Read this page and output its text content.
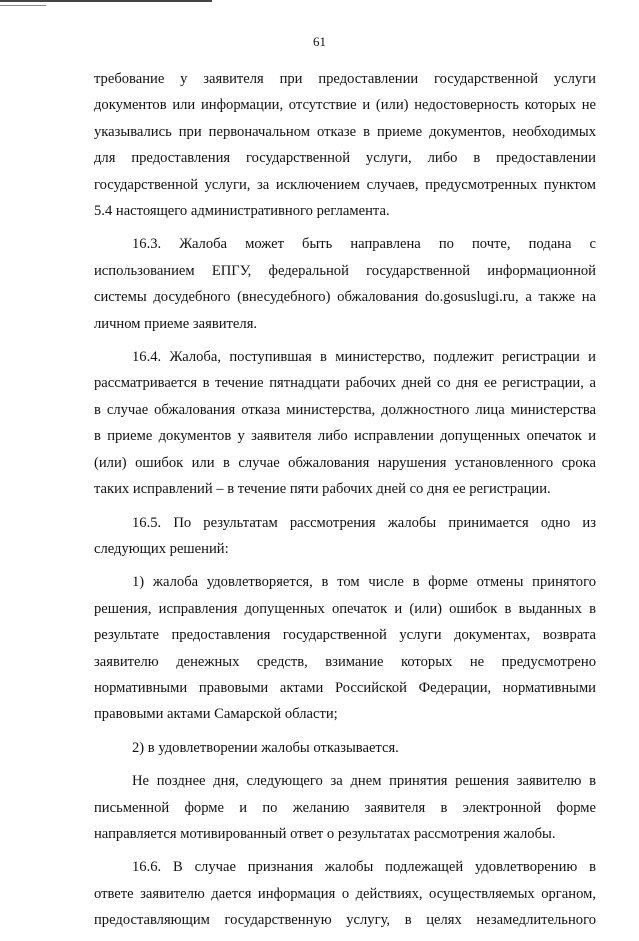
61
требование у заявителя при предоставлении государственной услуги
документов или информации, отсутствие и (или) недостоверность которых не
указывались при первоначальном отказе в приеме документов, необходимых
для предоставления государственной услуги, либо в предоставлении
государственной услуги, за исключением случаев, предусмотренных пунктом
5.4 настоящего административного регламента.
16.3. Жалоба может быть направлена по почте, подана с
использованием ЕПГУ, федеральной государственной информационной
системы досудебного (внесудебного) обжалования do.gosuslugi.ru, а также на
личном приеме заявителя.
16.4. Жалоба, поступившая в министерство, подлежит регистрации и
рассматривается в течение пятнадцати рабочих дней со дня ее регистрации, а
в случае обжалования отказа министерства, должностного лица министерства
в приеме документов у заявителя либо исправлении допущенных опечаток и
(или) ошибок или в случае обжалования нарушения установленного срока
таких исправлений – в течение пяти рабочих дней со дня ее регистрации.
16.5. По результатам рассмотрения жалобы принимается одно из
следующих решений:
1) жалоба удовлетворяется, в том числе в форме отмены принятого
решения, исправления допущенных опечаток и (или) ошибок в выданных в
результате предоставления государственной услуги документах, возврата
заявителю денежных средств, взимание которых не предусмотрено
нормативными правовыми актами Российской Федерации, нормативными
правовыми актами Самарской области;
2) в удовлетворении жалобы отказывается.
Не позднее дня, следующего за днем принятия решения заявителю в
письменной форме и по желанию заявителя в электронной форме
направляется мотивированный ответ о результатах рассмотрения жалобы.
16.6. В случае признания жалобы подлежащей удовлетворению в
ответе заявителю дается информация о действиях, осуществляемых органом,
предоставляющим государственную услугу, в целях незамедлительного
